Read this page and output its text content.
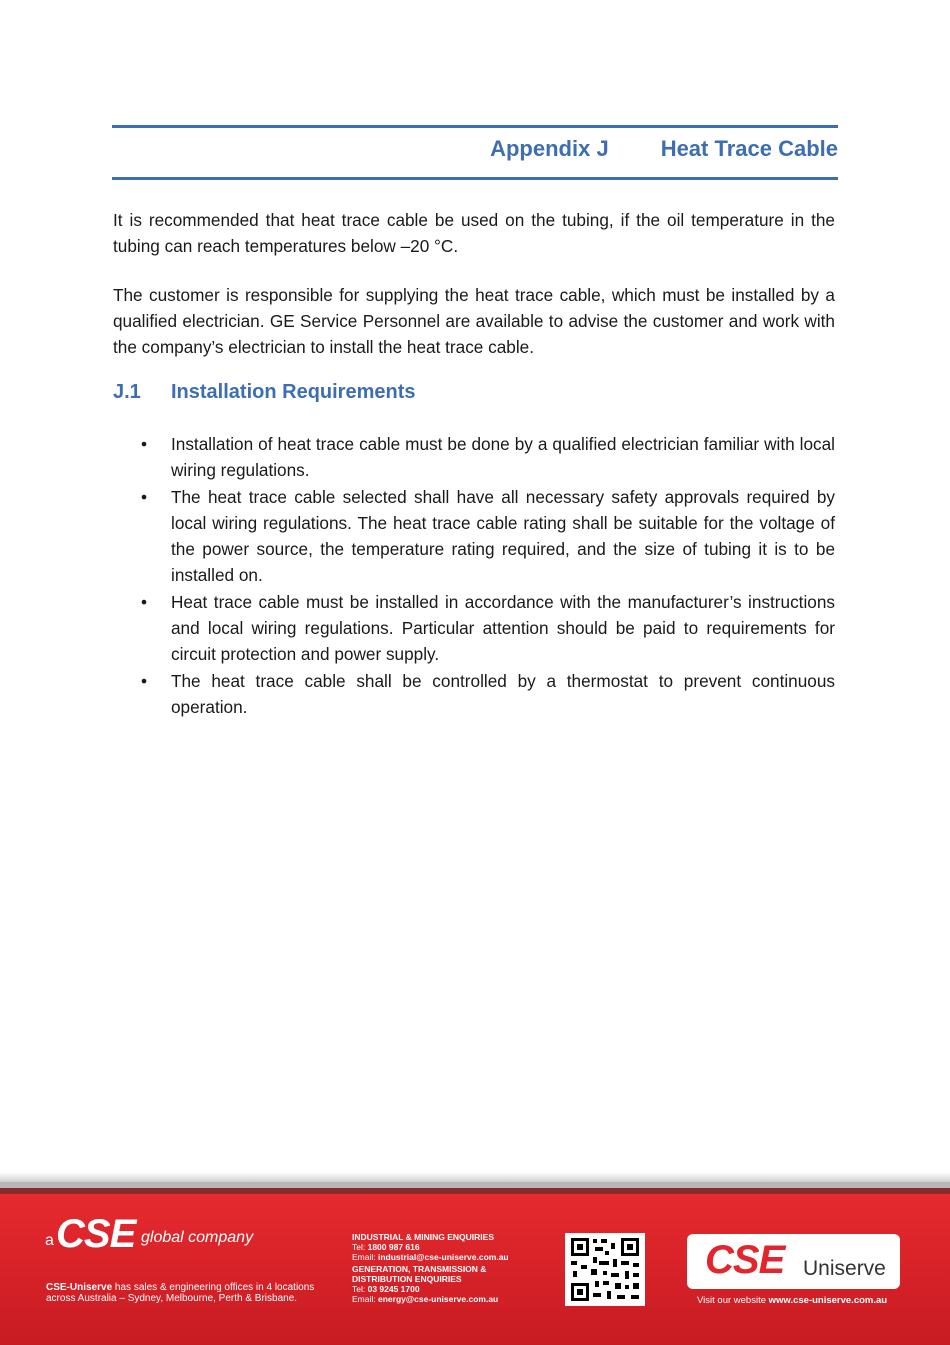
Appendix J Heat Trace Cable

It is recommended that heat trace cable be used on the tubing, if the oil temperature in the tubing can reach temperatures below –20 °C.

The customer is responsible for supplying the heat trace cable, which must be installed by a qualified electrician. GE Service Personnel are available to advise the customer and work with the company’s electrician to install the heat trace cable.

J.1 Installation Requirements
• Installation of heat trace cable must be done by a qualified electrician familiar with local wiring regulations.
• The heat trace cable selected shall have all necessary safety approvals required by local wiring regulations. The heat trace cable rating shall be suitable for the voltage of the power source, the temperature rating required, and the size of tubing it is to be installed on.
• Heat trace cable must be installed in accordance with the manufacturer’s instructions and local wiring regulations. Particular attention should be paid to requirements for circuit protection and power supply.
• The heat trace cable shall be controlled by a thermostat to prevent continuous operation.
a CSE global company
CSE-Uniserve has sales & engineering offices in 4 locations across Australia – Sydney, Melbourne, Perth & Brisbane.
INDUSTRIAL & MINING ENQUIRIES
Tel: 1800 987 616
Email: industrial@cse-uniserve.com.au
GENERATION, TRANSMISSION & DISTRIBUTION ENQUIRIES
Tel: 03 9245 1700
Email: energy@cse-uniserve.com.au
CSE Uniserve
Visit our website www.cse-uniserve.com.au
